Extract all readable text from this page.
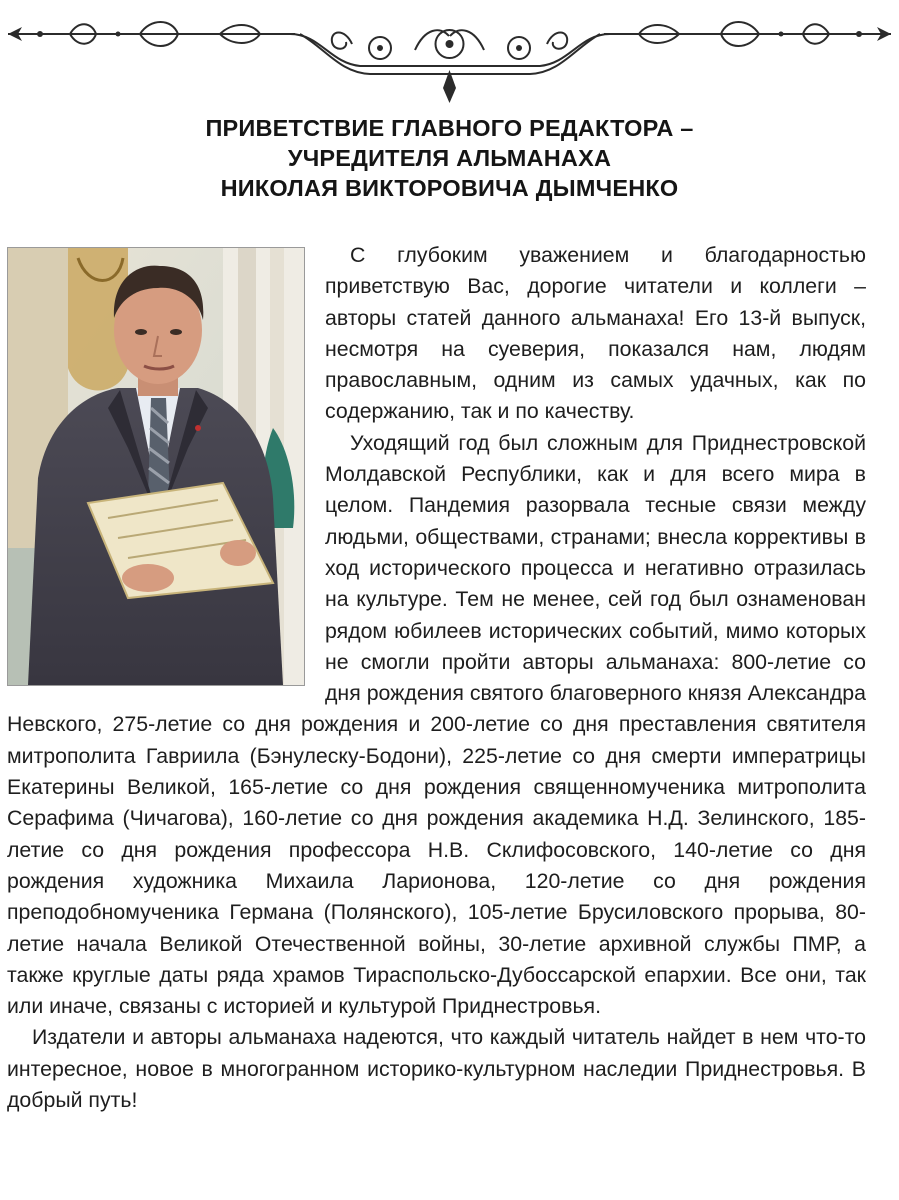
ПРИВЕТСТВИЕ ГЛАВНОГО РЕДАКТОРА –
УЧРЕДИТЕЛЯ АЛЬМАНАХА
НИКОЛАЯ ВИКТОРОВИЧА ДЫМЧЕНКО

С глубоким уважением и благодарностью приветствую Вас, дорогие читатели и коллеги – авторы статей данного альманаха! Его 13-й выпуск, несмотря на суеверия, показался нам, людям православным, одним из самых удачных, как по содержанию, так и по качеству.

Уходящий год был сложным для Приднестровской Молдавской Республики, как и для всего мира в целом. Пандемия разорвала тесные связи между людьми, обществами, странами; внесла коррективы в ход исторического процесса и негативно отразилась на культуре. Тем не менее, сей год был ознаменован рядом юбилеев исторических событий, мимо которых не смогли пройти авторы альманаха: 800-летие со дня рождения святого благоверного князя Александра Невского, 275-летие со дня рождения и 200-летие со дня преставления святителя митрополита Гавриила (Бэнулеску-Бодони), 225-летие со дня смерти императрицы Екатерины Великой, 165-летие со дня рождения священномученика митрополита Серафима (Чичагова), 160-летие со дня рождения академика Н.Д. Зелинского, 185-летие со дня рождения профессора Н.В. Склифосовского, 140-летие со дня рождения художника Михаила Ларионова, 120-летие со дня рождения преподобномученика Германа (Полянского), 105-летие Брусиловского прорыва, 80-летие начала Великой Отечественной войны, 30-летие архивной службы ПМР, а также круглые даты ряда храмов Тираспольско-Дубоссарской епархии. Все они, так или иначе, связаны с историей и культурой Приднестровья.

Издатели и авторы альманаха надеются, что каждый читатель найдет в нем что-то интересное, новое в многогранном историко-культурном наследии Приднестровья. В добрый путь!
